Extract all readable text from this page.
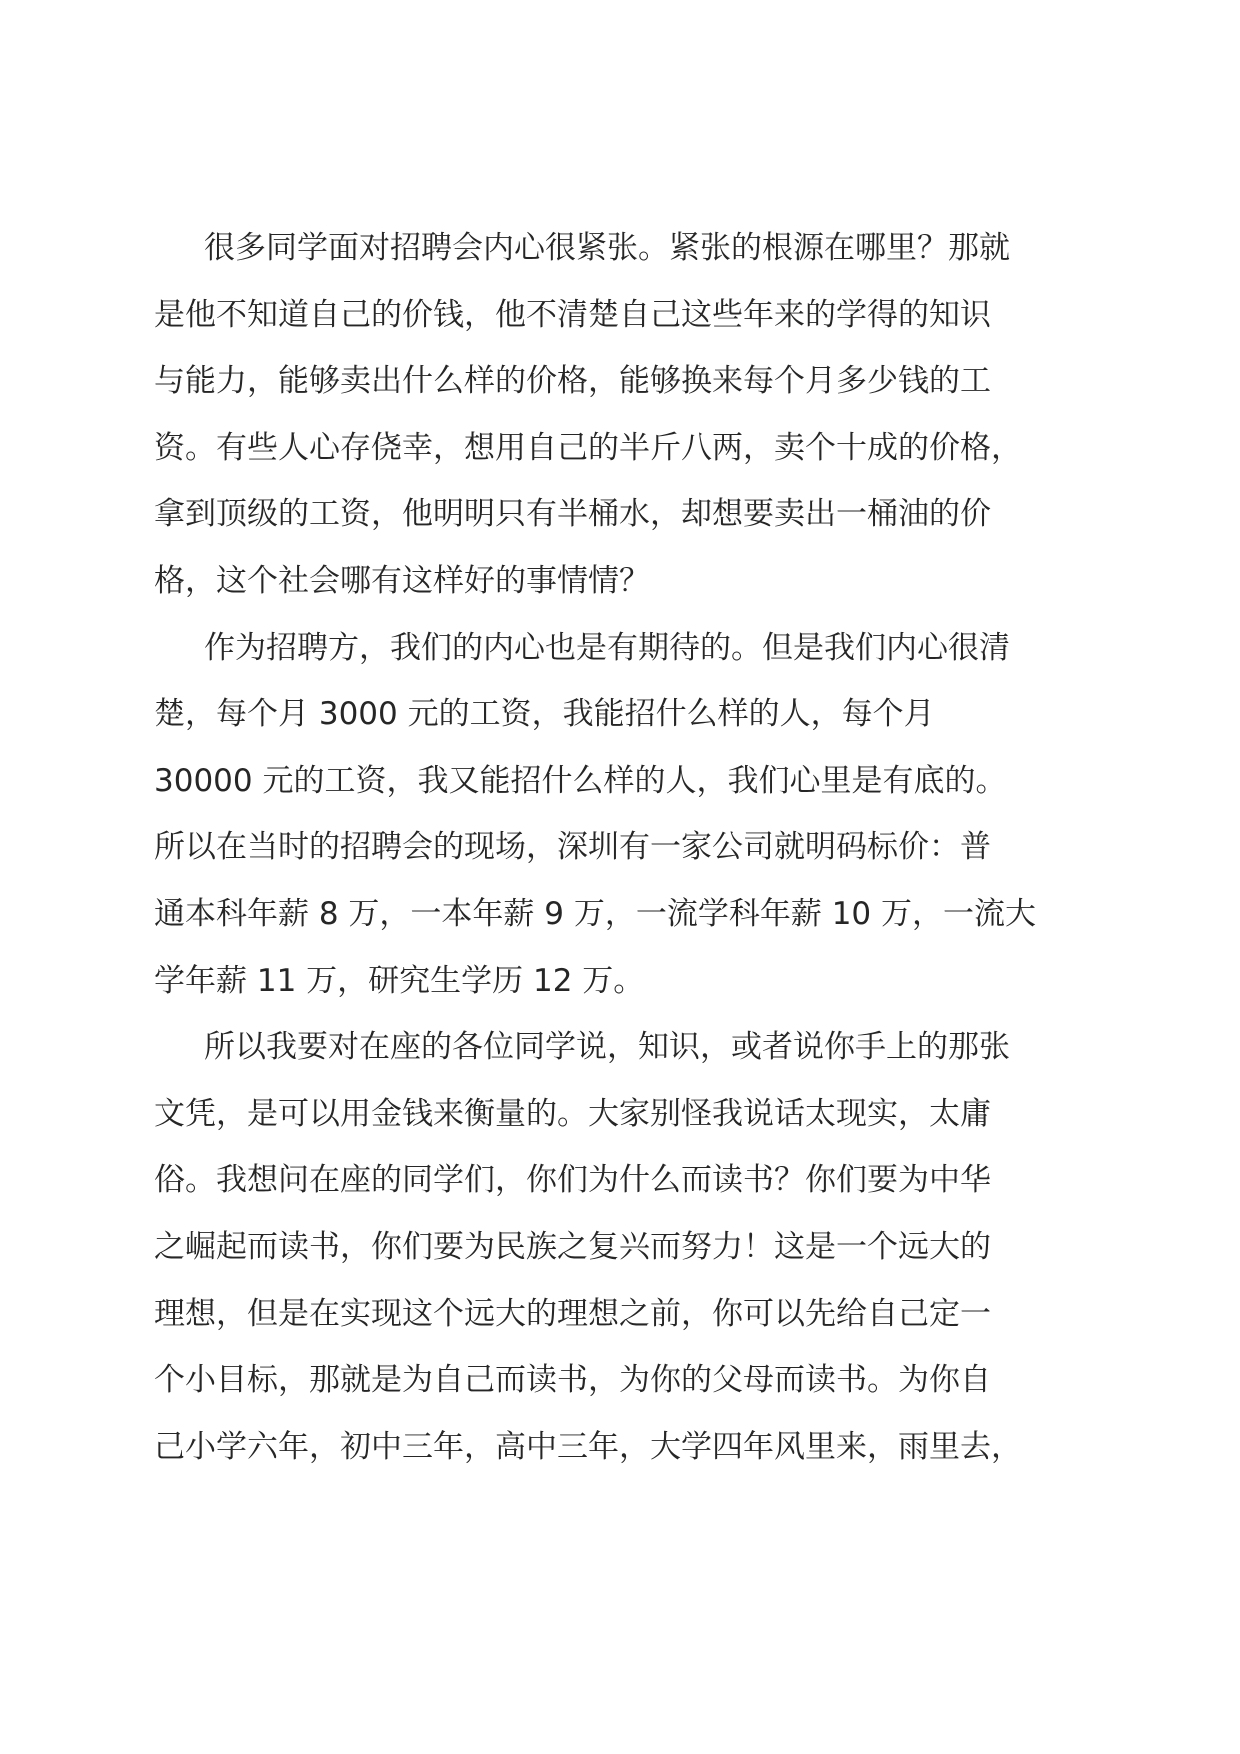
很多同学面对招聘会内心很紧张。紧张的根源在哪里？那就
是他不知道自己的价钱，他不清楚自己这些年来的学得的知识
与能力，能够卖出什么样的价格，能够换来每个月多少钱的工
资。有些人心存侥幸，想用自己的半斤八两，卖个十成的价格，
拿到顶级的工资，他明明只有半桶水，却想要卖出一桶油的价
格，这个社会哪有这样好的事情情？
作为招聘方，我们的内心也是有期待的。但是我们内心很清
楚，每个月 3000 元的工资，我能招什么样的人，每个月
30000 元的工资，我又能招什么样的人，我们心里是有底的。
所以在当时的招聘会的现场，深圳有一家公司就明码标价：普
通本科年薪 8 万，一本年薪 9 万，一流学科年薪 10 万，一流大
学年薪 11 万，研究生学历 12 万。
所以我要对在座的各位同学说，知识，或者说你手上的那张
文凭，是可以用金钱来衡量的。大家别怪我说话太现实，太庸
俗。我想问在座的同学们，你们为什么而读书？你们要为中华
之崛起而读书，你们要为民族之复兴而努力！这是一个远大的
理想，但是在实现这个远大的理想之前，你可以先给自己定一
个小目标，那就是为自己而读书，为你的父母而读书。为你自
己小学六年，初中三年，高中三年，大学四年风里来，雨里去，
